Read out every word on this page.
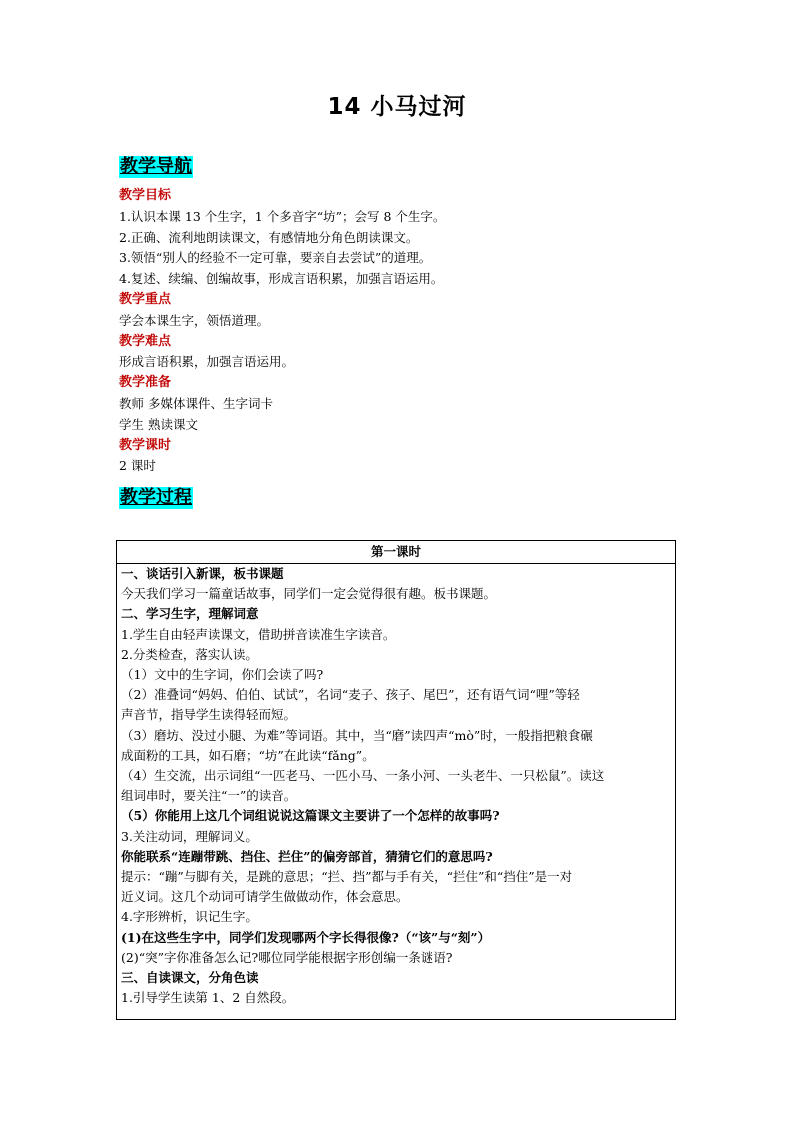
14 小马过河
教学导航
教学目标
1.认识本课 13 个生字，1 个多音字“坊”；会写 8 个生字。
2.正确、流利地朗读课文，有感情地分角色朗读课文。
3.领悟“别人的经验不一定可靠，要亲自去尝试”的道理。
4.复述、续编、创编故事，形成言语积累，加强言语运用。
教学重点
学会本课生字，领悟道理。
教学难点
形成言语积累，加强言语运用。
教学准备
教师 多媒体课件、生字词卡
学生 熟读课文
教学课时
2 课时
教学过程
第一课时
一、谈话引入新课，板书课题
今天我们学习一篇童话故事，同学们一定会觉得很有趣。板书课题。
二、学习生字，理解词意
1.学生自由轻声读课文，借助拼音读准生字读音。
2.分类检查，落实认读。
（1）文中的生字词，你们会读了吗?
（2）准叠词“妈妈、伯伯、试试”，名词“麦子、孩子、尾巴”，还有语气词“哩”等轻
声音节，指导学生读得轻而短。
（3）磨坊、没过小腿、为难”等词语。其中，当“磨”读四声“mò”时，一般指把粮食碾
成面粉的工具，如石磨；“坊”在此读“fǎng”。
（4）生交流，出示词组“一匹老马、一匹小马、一条小河、一头老牛、一只松鼠”。读这
组词串时，要关注“一”的读音。
（5）你能用上这几个词组说说这篇课文主要讲了一个怎样的故事吗?
3.关注动词，理解词义。
你能联系“连蹦带跳、挡住、拦住”的偏旁部首，猜猜它们的意思吗?
提示：“蹦”与脚有关，是跳的意思；“拦、挡”都与手有关，“拦住”和“挡住”是一对
近义词。这几个动词可请学生做做动作，体会意思。
4.字形辨析，识记生字。
(1)在这些生字中，同学们发现哪两个字长得很像?（“该”与“刻”）
(2)“突”字你准备怎么记?哪位同学能根据字形创编一条谜语?
三、自读课文，分角色读
1.引导学生读第 1、2 自然段。
